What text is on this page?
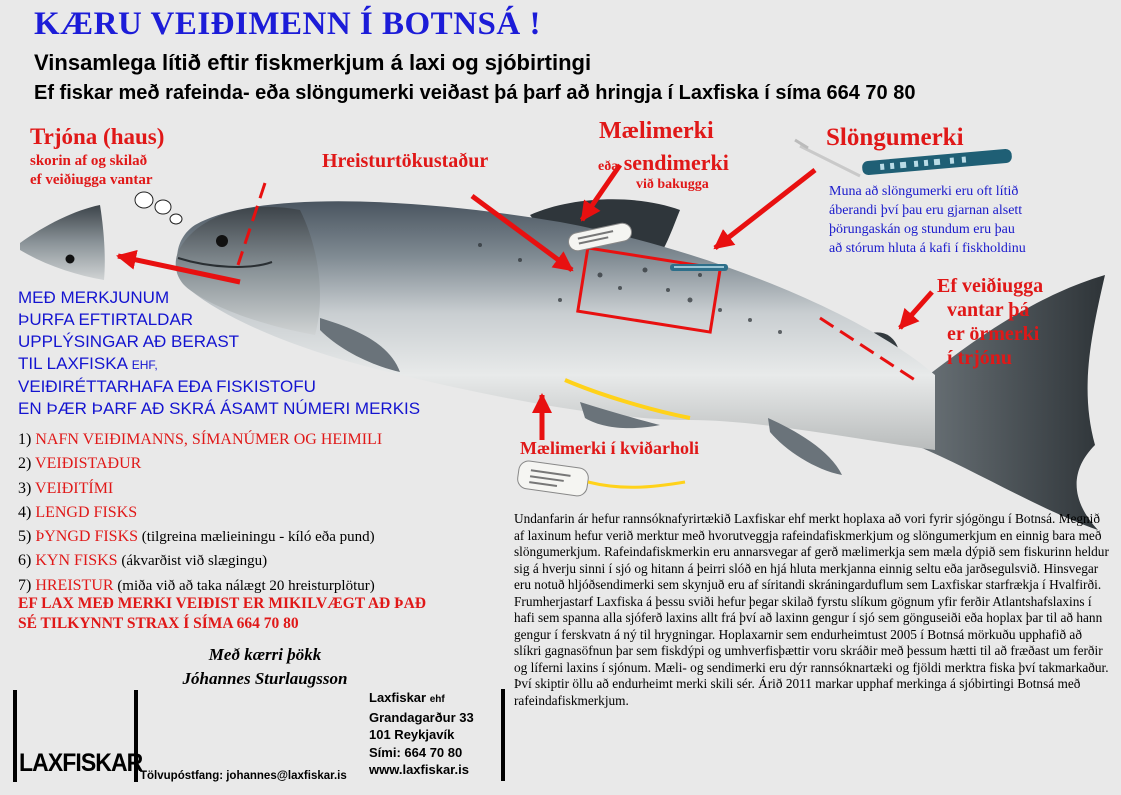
KÆRU VEIÐIMENN Í BOTNSÁ !
Vinsamlega lítið eftir fiskmerkjum á laxi og sjóbirtingi
Ef fiskar með rafeinda- eða slöngumerki veiðast þá þarf að hringja í Laxfiska í síma 664 70 80
Trjóna (haus)
skorin af og skilað
ef veiðiugga vantar
Hreisturtökustaður
Mælimerki
eða sendimerki
við bakugga
Slöngumerki
Muna að slöngumerki eru oft lítið
áberandi því þau eru gjarnan alsett
þörungaskán og stundum eru þau
að stórum hluta á kafi í fiskholdinu
Ef veiðiugga
vantar þá
er örmerki
í trjónu
Mælimerki í kviðarholi
MEÐ MERKJUNUM
ÞURFA EFTIRTALDAR
UPPLÝSINGAR AÐ BERAST
TIL LAXFISKA EHF,
VEIÐIRÉTTARHAFA EÐA FISKISTOFU
EN ÞÆR ÞARF AÐ SKRÁ ÁSAMT NÚMERI MERKIS
1) NAFN VEIÐIMANNS, SÍMANÚMER OG HEIMILI
2) VEIÐISTAÐUR
3) VEIÐITÍMI
4) LENGD FISKS
5) ÞYNGD FISKS (tilgreina mælieiningu - kíló eða pund)
6) KYN FISKS (ákvarðist við slægingu)
7) HREISTUR (miða við að taka nálægt 20 hreisturplötur)
EF LAX MEÐ MERKI VEIÐIST ER MIKILVÆGT AÐ ÞAÐ SÉ TILKYNNT STRAX Í SÍMA 664 70 80
Með kærri þökk
Jóhannes Sturlaugsson
LAXFISKAR
Tölvupóstfang: johannes@laxfiskar.is
Laxfiskar ehf
Grandagarður 33
101 Reykjavík
Sími: 664 70 80
www.laxfiskar.is
Undanfarin ár hefur rannsóknafyrirtækið Laxfiskar ehf merkt hoplaxa að vori fyrir sjógöngu í Botnsá. Megnið af laxinum hefur verið merktur með hvorutveggja rafeindafiskmerkjum og slöngumerkjum en einnig bara með slöngumerkjum. Rafeindafiskmerkin eru annarsvegar af gerð mælimerkja sem mæla dýpið sem fiskurinn heldur sig á hverju sinni í sjó og hitann á þeirri slóð en hjá hluta merkjanna einnig seltu eða jarðsegulsvið. Hinsvegar eru notuð hljóðsendimerki sem skynjuð eru af síritandi skráningarduflum sem Laxfiskar starfrækja í Hvalfirði. Frumherjastarf Laxfiska á þessu sviði hefur þegar skilað fyrstu slíkum gögnum yfir ferðir Atlantshafslaxins í hafi sem spanna alla sjóferð laxins allt frá því að laxinn gengur í sjó sem gönguseiði eða hoplax þar til að hann gengur í ferskvatn á ný til hrygningar. Hoplaxarnir sem endurheimtust 2005 í Botnsá mörkuðu upphafið að slíkri gagnasöfnun þar sem fiskdýpi og umhverfisþættir voru skráðir með þessum hætti til að fræðast um ferðir og líferni laxins í sjónum. Mæli- og sendimerki eru dýr rannsóknartæki og fjöldi merktra fiska því takmarkaður. Því skiptir öllu að endurheimt merki skili sér. Árið 2011 markar upphaf merkinga á sjóbirtingi Botnsá með rafeindafiskmerkjum.
